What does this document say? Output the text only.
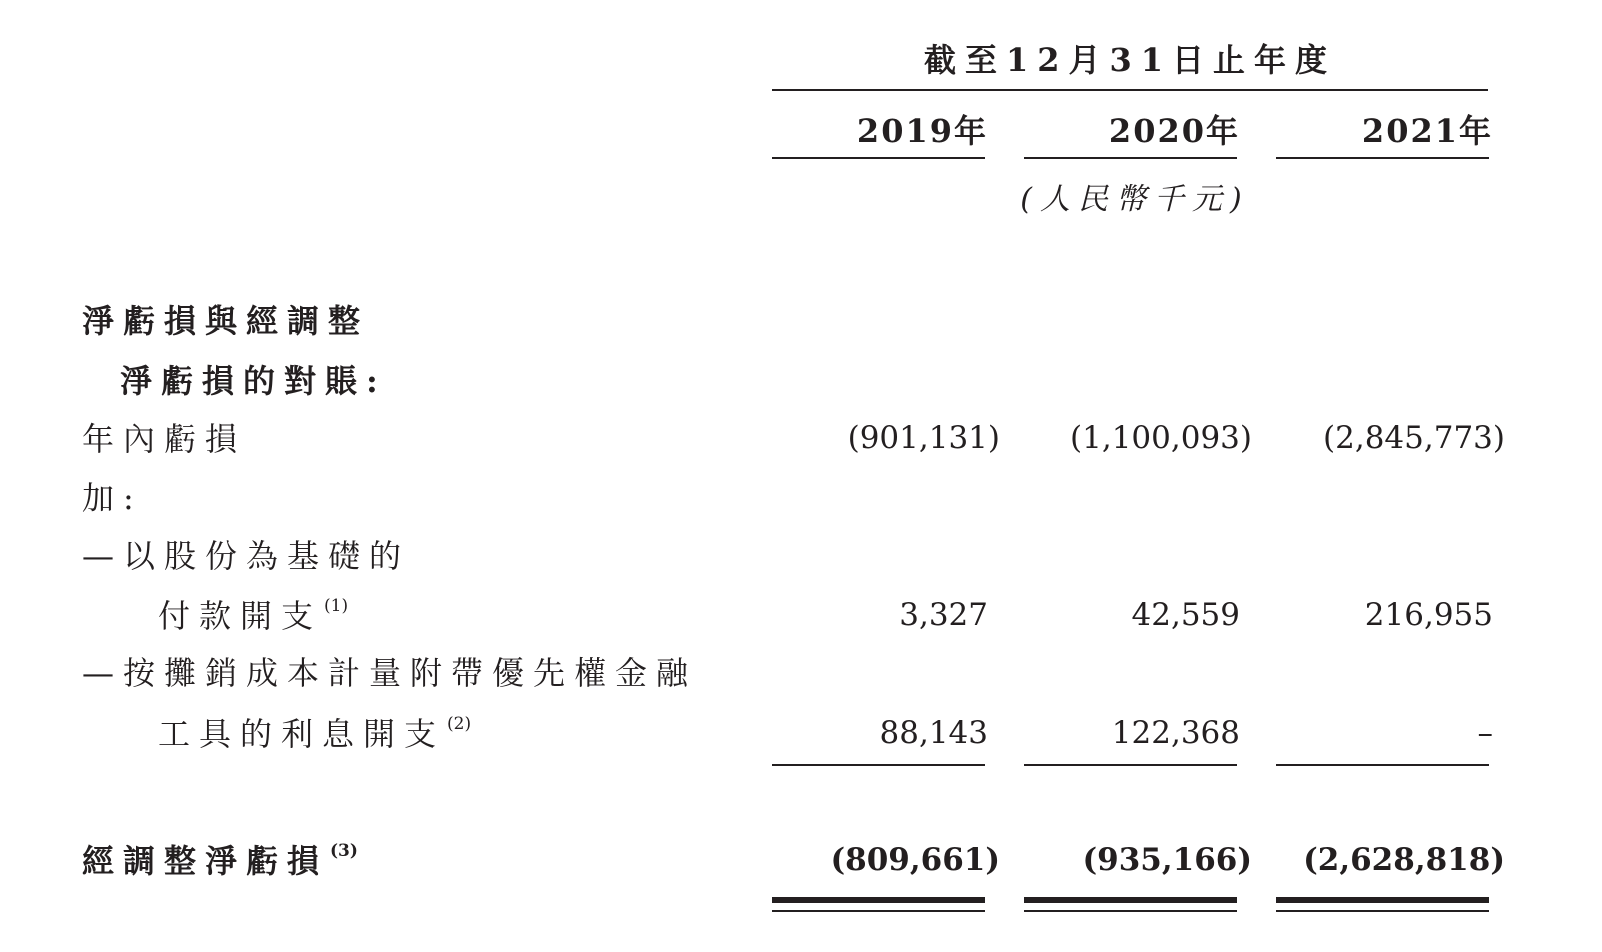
截至12月31日止年度
2019年	2020年	2021年
(人民幣千元)
淨虧損與經調整
淨虧損的對賬:
年內虧損	(901,131)	(1,100,093)	(2,845,773)
加:
—以股份為基礎的
付款開支 $^{(1)}$	3,327	42,559	216,955
—按攤銷成本計量附帶優先權金融
工具的利息開支 $^{(2)}$	88,143	122,368	–
經調整淨虧損 $^{(3)}$	(809,661)	(935,166)	(2,628,818)
